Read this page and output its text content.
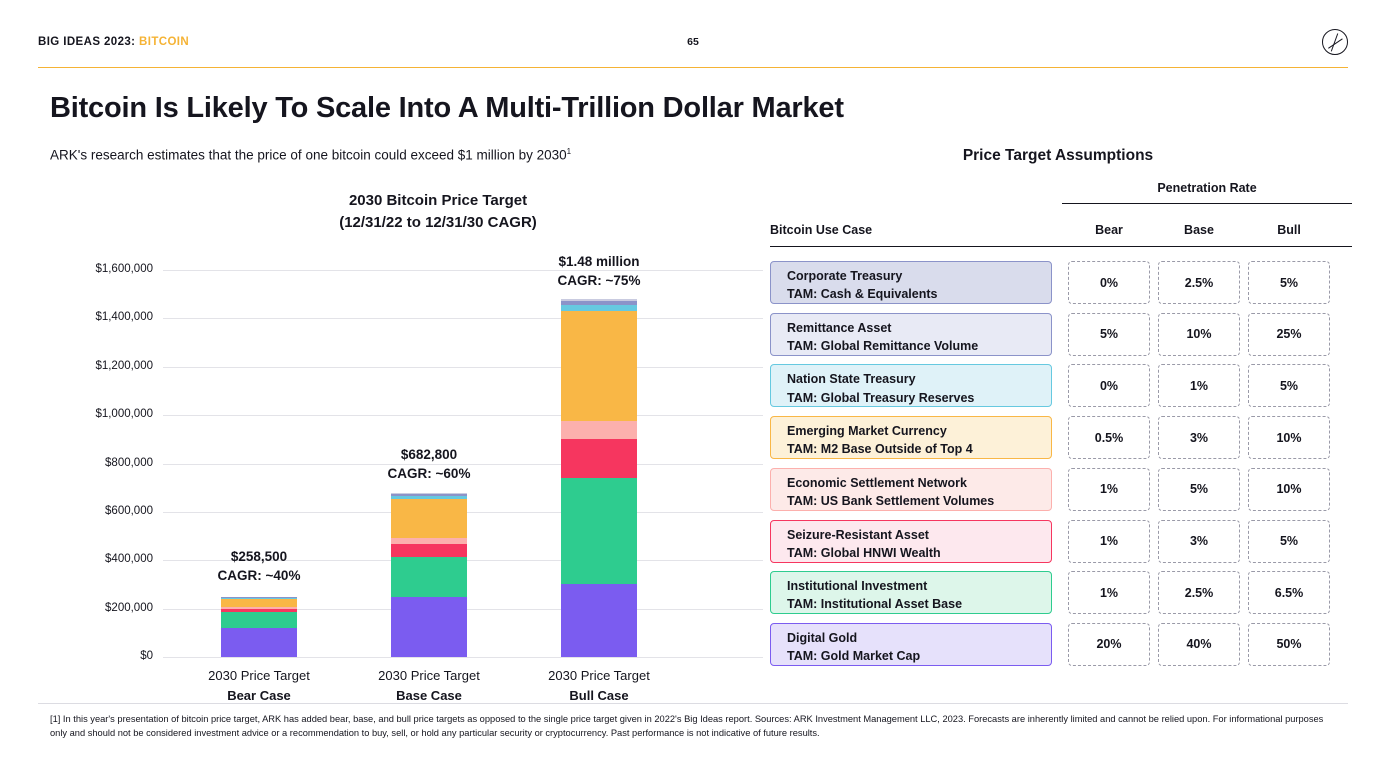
BIG IDEAS 2023: BITCOIN	65
Bitcoin Is Likely To Scale Into A Multi-Trillion Dollar Market
ARK's research estimates that the price of one bitcoin could exceed $1 million by 2030$^1$
2030 Bitcoin Price Target
(12/31/22 to 12/31/30 CAGR)
$1,600,000
$1,400,000
$1,200,000
$1,000,000
$800,000
$600,000
$400,000
$200,000
$0
2030 Price Target
Bear Case
2030 Price Target
Base Case
2030 Price Target
Bull Case
$258,500
CAGR: ~40%
$682,800
CAGR: ~60%
$1.48 million
CAGR: ~75%
Price Target Assumptions
Penetration Rate
Bitcoin Use Case	Bear	Base	Bull
Corporate Treasury
TAM: Cash & Equivalents
0%	2.5%	5%
Remittance Asset
TAM: Global Remittance Volume
5%	10%	25%
Nation State Treasury
TAM: Global Treasury Reserves
0%	1%	5%
Emerging Market Currency
TAM: M2 Base Outside of Top 4
0.5%	3%	10%
Economic Settlement Network
TAM: US Bank Settlement Volumes
1%	5%	10%
Seizure-Resistant Asset
TAM: Global HNWI Wealth
1%	3%	5%
Institutional Investment
TAM: Institutional Asset Base
1%	2.5%	6.5%
Digital Gold
TAM: Gold Market Cap
20%	40%	50%
[1] In this year's presentation of bitcoin price target, ARK has added bear, base, and bull price targets as opposed to the single price target given in 2022's Big Ideas report. Sources: ARK Investment Management LLC, 2023. Forecasts are inherently limited and cannot be relied upon. For informational purposes only and should not be considered investment advice or a recommendation to buy, sell, or hold any particular security or cryptocurrency. Past performance is not indicative of future results.
